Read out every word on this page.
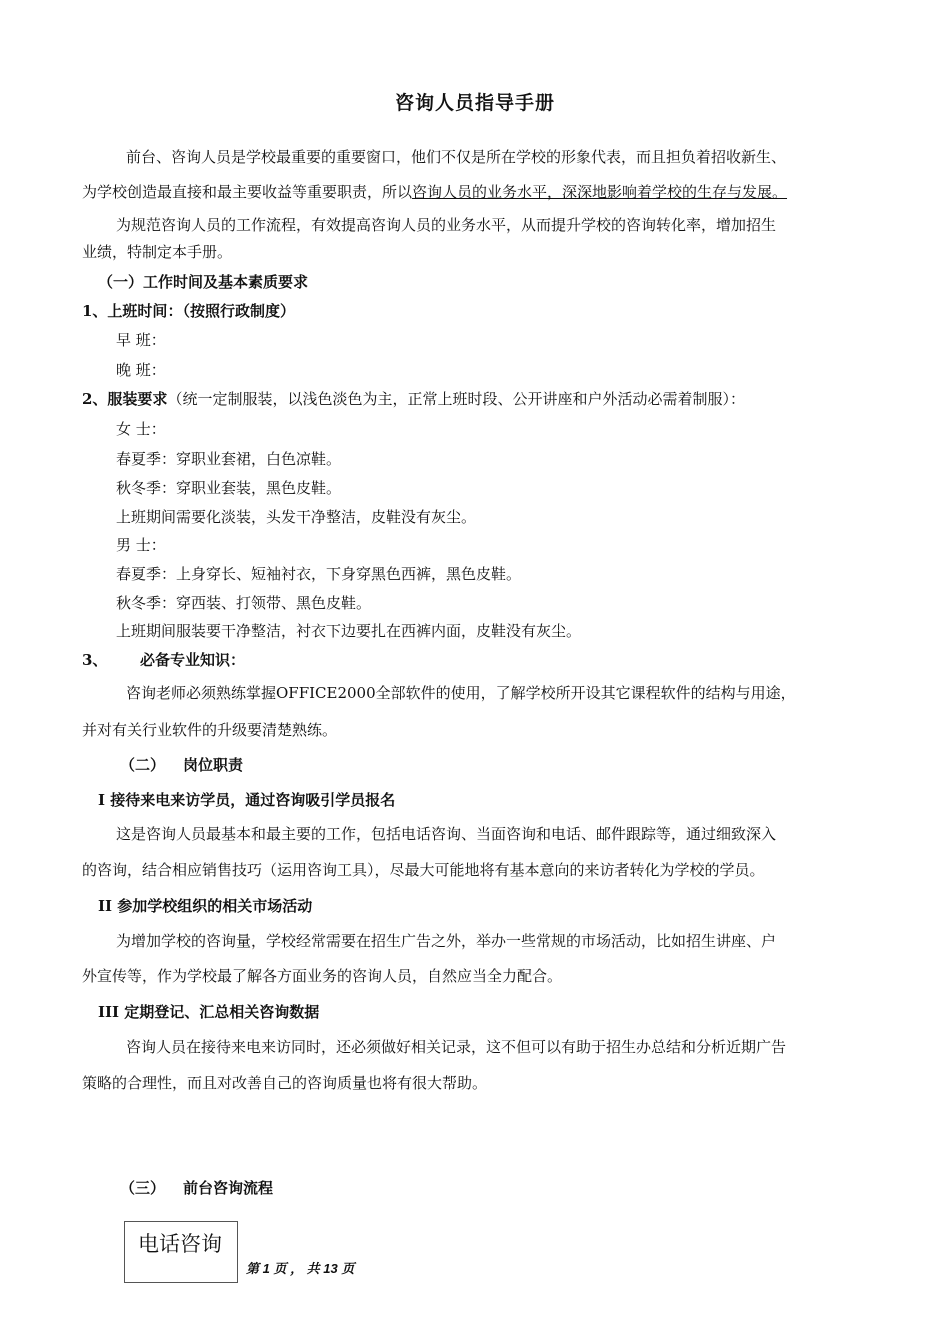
咨询人员指导手册
前台、咨询人员是学校最重要的重要窗口，他们不仅是所在学校的形象代表，而且担负着招收新生、
为学校创造最直接和最主要收益等重要职责，所以咨询人员的业务水平，深深地影响着学校的生存与发展。
为规范咨询人员的工作流程，有效提高咨询人员的业务水平，从而提升学校的咨询转化率，增加招生
业绩，特制定本手册。
（一）工作时间及基本素质要求
1、上班时间：（按照行政制度）
早 班：
晚 班：
2、服装要求（统一定制服装，以浅色淡色为主，正常上班时段、公开讲座和户外活动必需着制服）：
女 士：
春夏季：穿职业套裙，白色凉鞋。
秋冬季：穿职业套装，黑色皮鞋。
上班期间需要化淡装，头发干净整洁，皮鞋没有灰尘。
男 士：
春夏季：上身穿长、短袖衬衣，下身穿黑色西裤，黑色皮鞋。
秋冬季：穿西装、打领带、黑色皮鞋。
上班期间服装要干净整洁，衬衣下边要扎在西裤内面，皮鞋没有灰尘。
3、 必备专业知识：
咨询老师必须熟练掌握OFFICE2000全部软件的使用，了解学校所开设其它课程软件的结构与用途，
并对有关行业软件的升级要清楚熟练。
（二） 岗位职责
I 接待来电来访学员，通过咨询吸引学员报名
这是咨询人员最基本和最主要的工作，包括电话咨询、当面咨询和电话、邮件跟踪等，通过细致深入
的咨询，结合相应销售技巧（运用咨询工具），尽最大可能地将有基本意向的来访者转化为学校的学员。
II 参加学校组织的相关市场活动
为增加学校的咨询量，学校经常需要在招生广告之外，举办一些常规的市场活动，比如招生讲座、户
外宣传等，作为学校最了解各方面业务的咨询人员，自然应当全力配合。
III 定期登记、汇总相关咨询数据
咨询人员在接待来电来访同时，还必须做好相关记录，这不但可以有助于招生办总结和分析近期广告
策略的合理性，而且对改善自己的咨询质量也将有很大帮助。
（三） 前台咨询流程
电话咨询
第 1 页 ， 共 13 页
